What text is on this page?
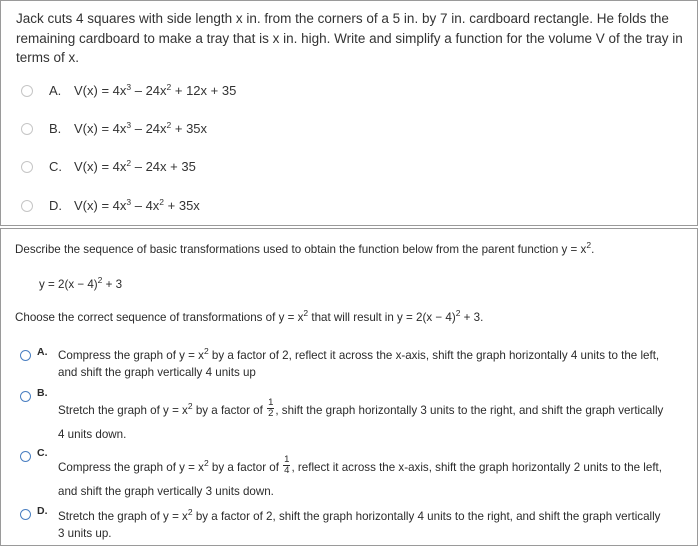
Jack cuts 4 squares with side length x in. from the corners of a 5 in. by 7 in. cardboard rectangle. He folds the remaining cardboard to make a tray that is x in. high. Write and simplify a function for the volume V of the tray in terms of x.
A. $V(x) = 4x^3 - 24x^2 + 12x + 35$
B. $V(x) = 4x^3 - 24x^2 + 35x$
C. $V(x) = 4x^2 - 24x + 35$
D. $V(x) = 4x^3 - 4x^2 + 35x$
Describe the sequence of basic transformations used to obtain the function below from the parent function $y = x^2$.
$y = 2(x - 4)^2 + 3$
Choose the correct sequence of transformations of $y = x^2$ that will result in $y = 2(x - 4)^2 + 3$.
A. Compress the graph of $y = x^2$ by a factor of 2, reflect it across the x-axis, shift the graph horizontally 4 units to the left,
and shift the graph vertically 4 units up
B.
Stretch the graph of $y = x^2$ by a factor of $\frac{1}{2}$ , shift the graph horizontally 3 units to the right, and shift the graph vertically
4 units down.
C.
Compress the graph of $y = x^2$ by a factor of $\frac{1}{4}$ , reflect it across the x-axis, shift the graph horizontally 2 units to the left,
and shift the graph vertically 3 units down.
D. Stretch the graph of $y = x^2$ by a factor of 2, shift the graph horizontally 4 units to the right, and shift the graph vertically
3 units up.
